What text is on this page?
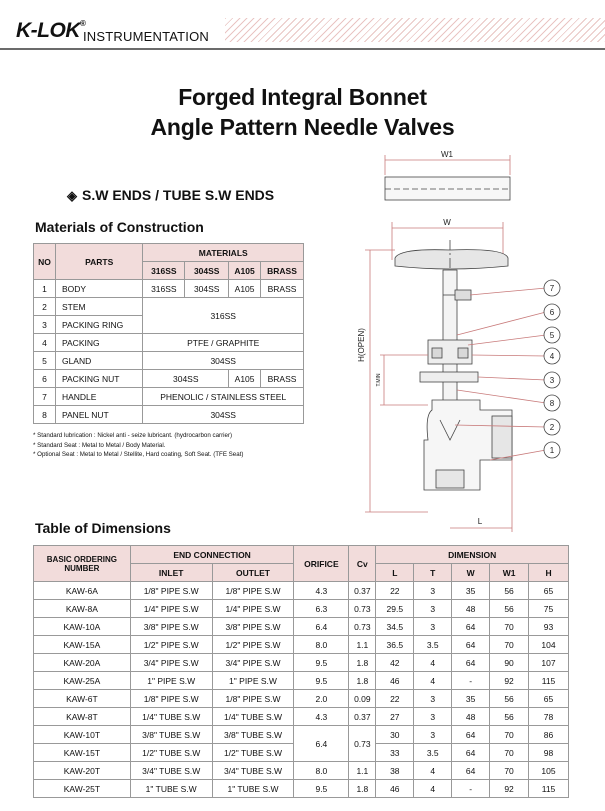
K-LOK®
INSTRUMENTATION
Forged Integral Bonnet
Angle Pattern Needle Valves
◈ S.W ENDS / TUBE S.W ENDS
Materials of Construction
NO	PARTS	MATERIALS			
		316SS	304SS	A105	BRASS
1	BODY	316SS	304SS	A105	BRASS
2	STEM	316SS			
3	PACKING RING				
4	PACKING	PTFE / GRAPHITE			
5	GLAND	304SS			
6	PACKING NUT	304SS		A105	BRASS
7	HANDLE	PHENOLIC / STAINLESS STEEL			
8	PANEL NUT	304SS			
* Standard lubrication : Nickel anti - seize lubricant. (hydrocarbon carrier)
* Standard Seat : Metal to Metal / Body Material.
* Optional Seat : Metal to Metal / Stellite, Hard coating, Soft Seat. (TFE Seat)
7
6
5
4
3
8
2
1
W1
W
L
H(OPEN)
T.MIN
Table of Dimensions
BASIC ORDERING NUMBER	END CONNECTION		ORIFICE	Cv	DIMENSION				
	INLET	OUTLET			L	T	W	W1	H
KAW-6A	1/8" PIPE S.W	1/8" PIPE S.W	4.3	0.37	22	3	35	56	65
KAW-8A	1/4" PIPE S.W	1/4" PIPE S.W	6.3	0.73	29.5	3	48	56	75
KAW-10A	3/8" PIPE S.W	3/8" PIPE S.W	6.4	0.73	34.5	3	64	70	93
KAW-15A	1/2" PIPE S.W	1/2" PIPE S.W	8.0	1.1	36.5	3.5	64	70	104
KAW-20A	3/4" PIPE S.W	3/4" PIPE S.W	9.5	1.8	42	4	64	90	107
KAW-25A	1" PIPE S.W	1" PIPE S.W	9.5	1.8	46	4	-	92	115
KAW-6T	1/8" PIPE S.W	1/8" PIPE S.W	2.0	0.09	22	3	35	56	65
KAW-8T	1/4" TUBE S.W	1/4" TUBE S.W	4.3	0.37	27	3	48	56	78
KAW-10T	3/8" TUBE S.W	3/8" TUBE S.W	6.4	0.73	30	3	64	70	86
KAW-15T	1/2" TUBE S.W	1/2" TUBE S.W			33	3.5	64	70	98
KAW-20T	3/4" TUBE S.W	3/4" TUBE S.W	8.0	1.1	38	4	64	70	105
KAW-25T	1" TUBE S.W	1" TUBE S.W	9.5	1.8	46	4	-	92	115
